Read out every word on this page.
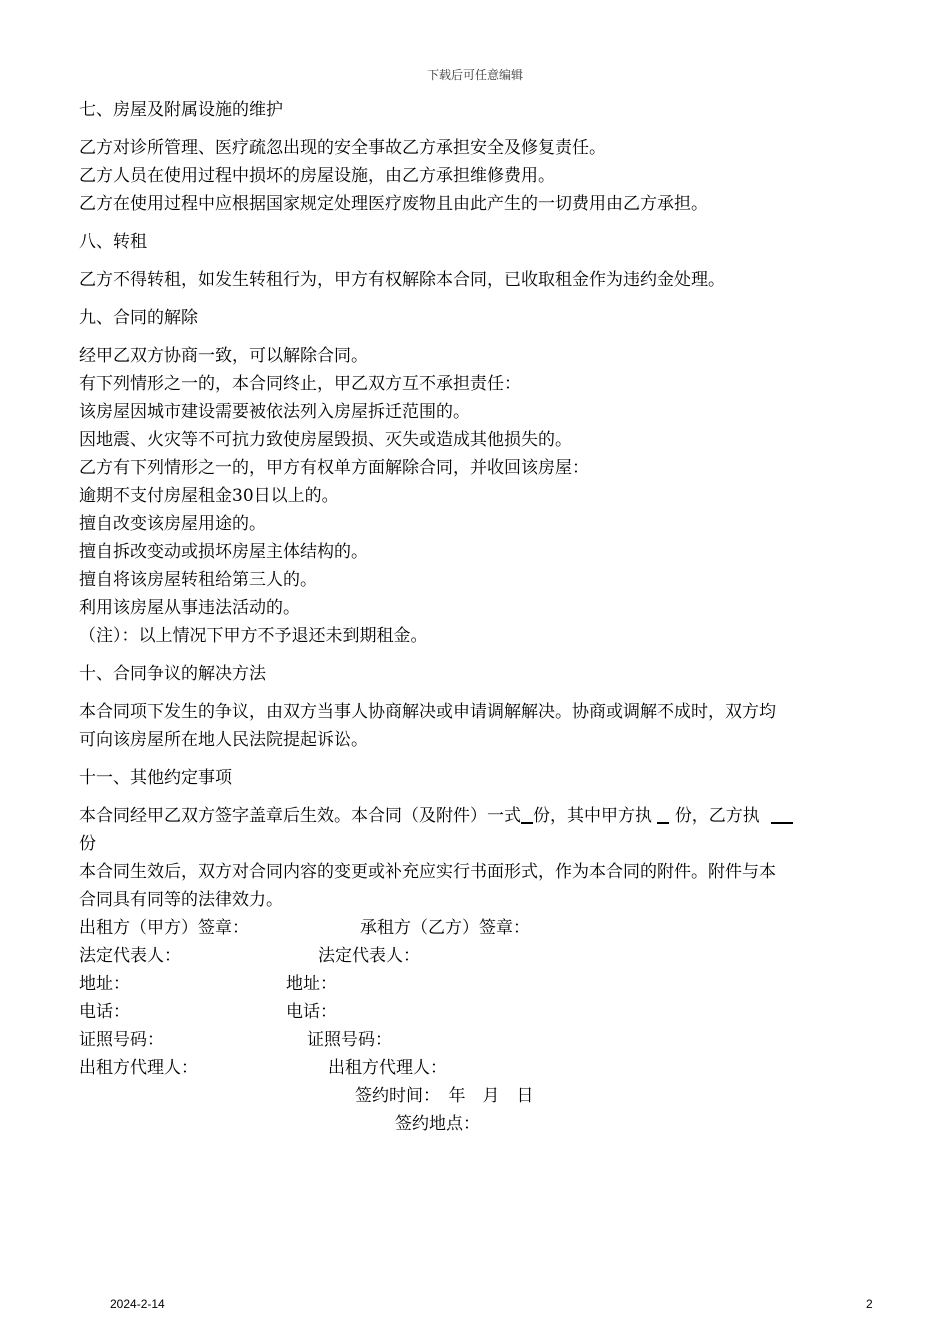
下载后可任意编辑
七、房屋及附属设施的维护

乙方对诊所管理、医疗疏忽出现的安全事故乙方承担安全及修复责任。

乙方人员在使用过程中损坏的房屋设施，由乙方承担维修费用。

乙方在使用过程中应根据国家规定处理医疗废物且由此产生的一切费用由乙方承担。

八、转租

乙方不得转租，如发生转租行为，甲方有权解除本合同，已收取租金作为违约金处理。

九、合同的解除

经甲乙双方协商一致，可以解除合同。

有下列情形之一的，本合同终止，甲乙双方互不承担责任：

该房屋因城市建设需要被依法列入房屋拆迁范围的。

因地震、火灾等不可抗力致使房屋毁损、灭失或造成其他损失的。

乙方有下列情形之一的，甲方有权单方面解除合同，并收回该房屋：

逾期不支付房屋租金30日以上的。

擅自改变该房屋用途的。

擅自拆改变动或损坏房屋主体结构的。

擅自将该房屋转租给第三人的。

利用该房屋从事违法活动的。

（注）：以上情况下甲方不予退还未到期租金。

十、合同争议的解决方法

本合同项下发生的争议，由双方当事人协商解决或申请调解解决。协商或调解不成时，双方均

可向该房屋所在地人民法院提起诉讼。

十一、其他约定事项

本合同经甲乙双方签字盖章后生效。本合同（及附件）一式 份，其中甲方执 份，乙方执
份

本合同生效后，双方对合同内容的变更或补充应实行书面形式，作为本合同的附件。附件与本

合同具有同等的法律效力。

出租方（甲方）签章：	承租方（乙方）签章：
法定代表人：	法定代表人：
地址：	地址：
电话：	电话：
证照号码：	证照号码：
出租方代理人：	出租方代理人：
签约时间：　年　月　日
签约地点：
2024-2-14	2
